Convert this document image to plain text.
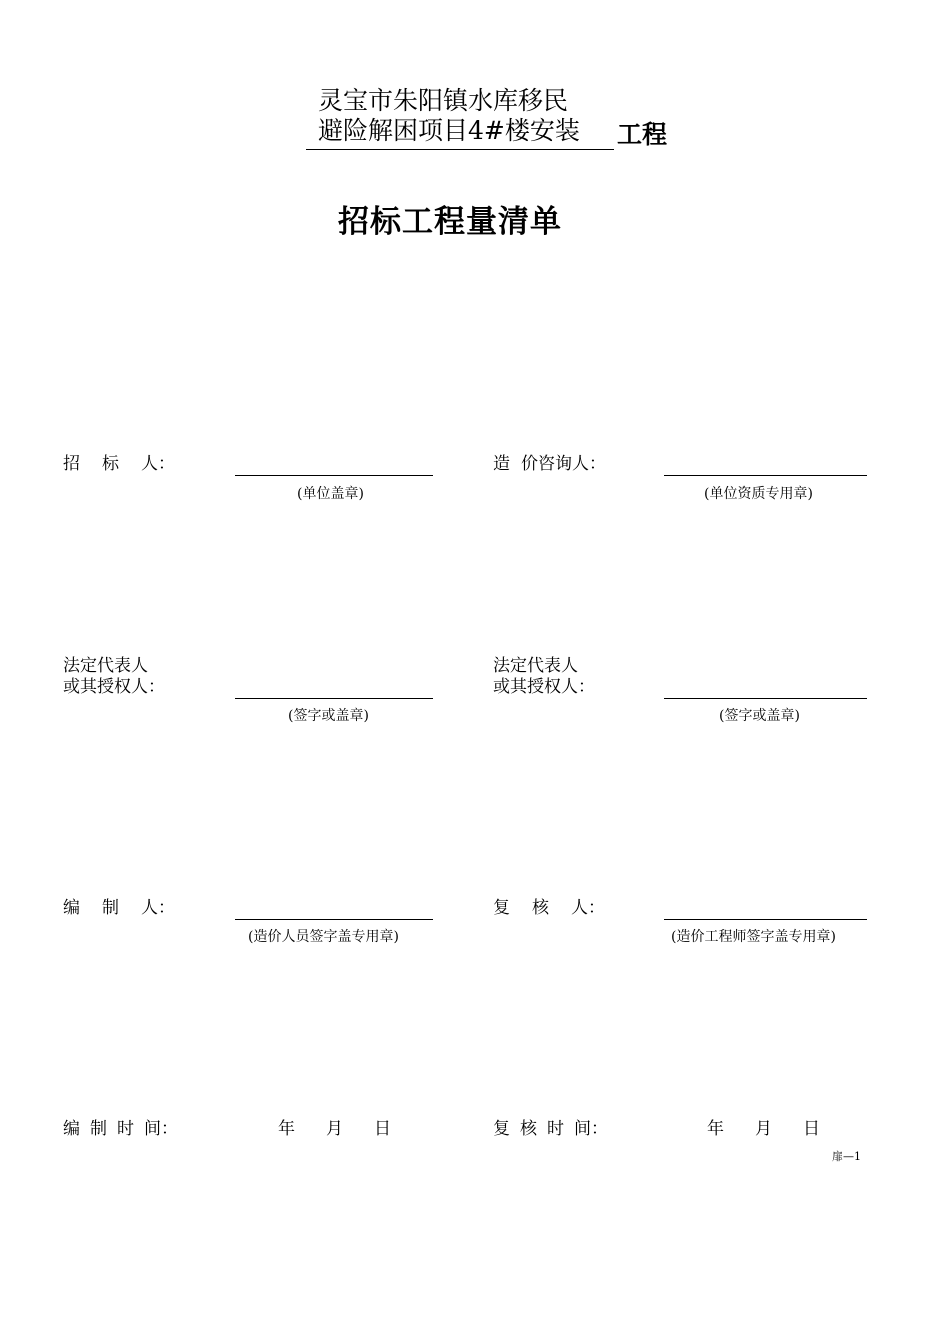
灵宝市朱阳镇水库移民
避险解困项目4#楼安装 工程
招标工程量清单
招 标 人：
(单位盖章)
造 价咨询人：
(单位资质专用章)
法定代表人
或其授权人：
(签字或盖章)
法定代表人
或其授权人：
(签字或盖章)
编 制 人：
(造价人员签字盖专用章)
复 核 人：
(造价工程师签字盖专用章)
编 制 时 间：	年 月 日	复 核 时 间：	年 月 日
扉—1
